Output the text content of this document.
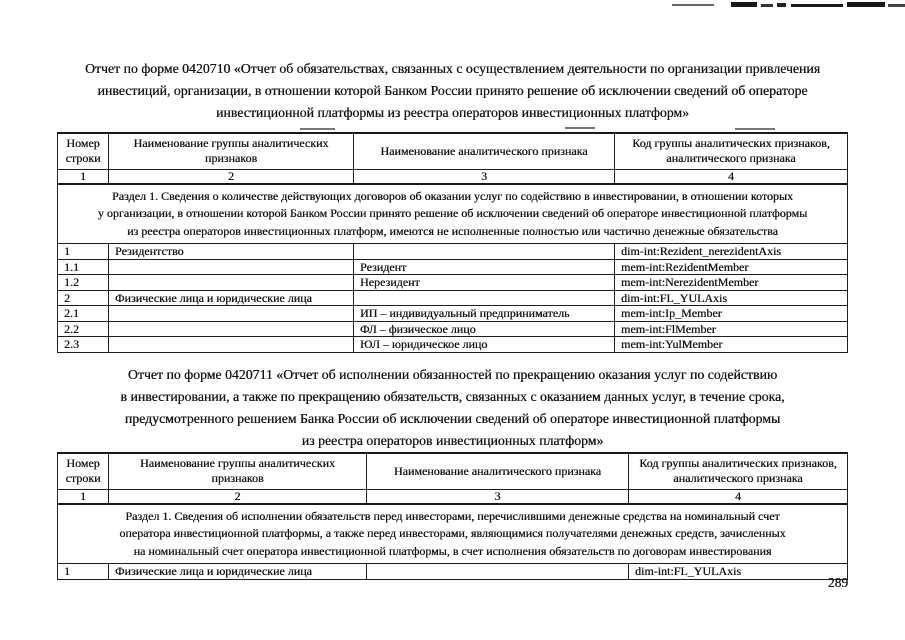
Отчет по форме 0420710 «Отчет об обязательствах, связанных с осуществлением деятельности по организации привлечения
инвестиций, организации, в отношении которой Банком России принято решение об исключении сведений об операторе
инвестиционной платформы из реестра операторов инвестиционных платформ»
Номер строки	Наименование группы аналитических признаков	Наименование аналитического признака	Код группы аналитических признаков, аналитического признака
1	2	3	4

Раздел 1. Сведения о количестве действующих договоров об оказании услуг по содействию в инвестировании, в отношении которых
у организации, в отношении которой Банком России принято решение об исключении сведений об операторе инвестиционной платформы
из реестра операторов инвестиционных платформ, имеются не исполненные полностью или частично денежные обязательства			

1	Резидентство		dim-int:Rezident_nerezidentAxis
1.1		Резидент	mem-int:RezidentMember
1.2		Нерезидент	mem-int:NerezidentMember
2	Физические лица и юридические лица		dim-int:FL_YULAxis
2.1		ИП – индивидуальный предприниматель	mem-int:Ip_Member
2.2		ФЛ – физическое лицо	mem-int:FlMember
2.3		ЮЛ – юридическое лицо	mem-int:YulMember
Отчет по форме 0420711 «Отчет об исполнении обязанностей по прекращению оказания услуг по содействию
в инвестировании, а также по прекращению обязательств, связанных с оказанием данных услуг, в течение срока,
предусмотренного решением Банка России об исключении сведений об операторе инвестиционной платформы
из реестра операторов инвестиционных платформ»
Номер строки	Наименование группы аналитических признаков	Наименование аналитического признака	Код группы аналитических признаков, аналитического признака
1	2	3	4

Раздел 1. Сведения об исполнении обязательств перед инвесторами, перечислившими денежные средства на номинальный счет
оператора инвестиционной платформы, а также перед инвесторами, являющимися получателями денежных средств, зачисленных
на номинальный счет оператора инвестиционной платформы, в счет исполнения обязательств по договорам инвестирования			

1	Физические лица и юридические лица		dim-int:FL_YULAxis
289
